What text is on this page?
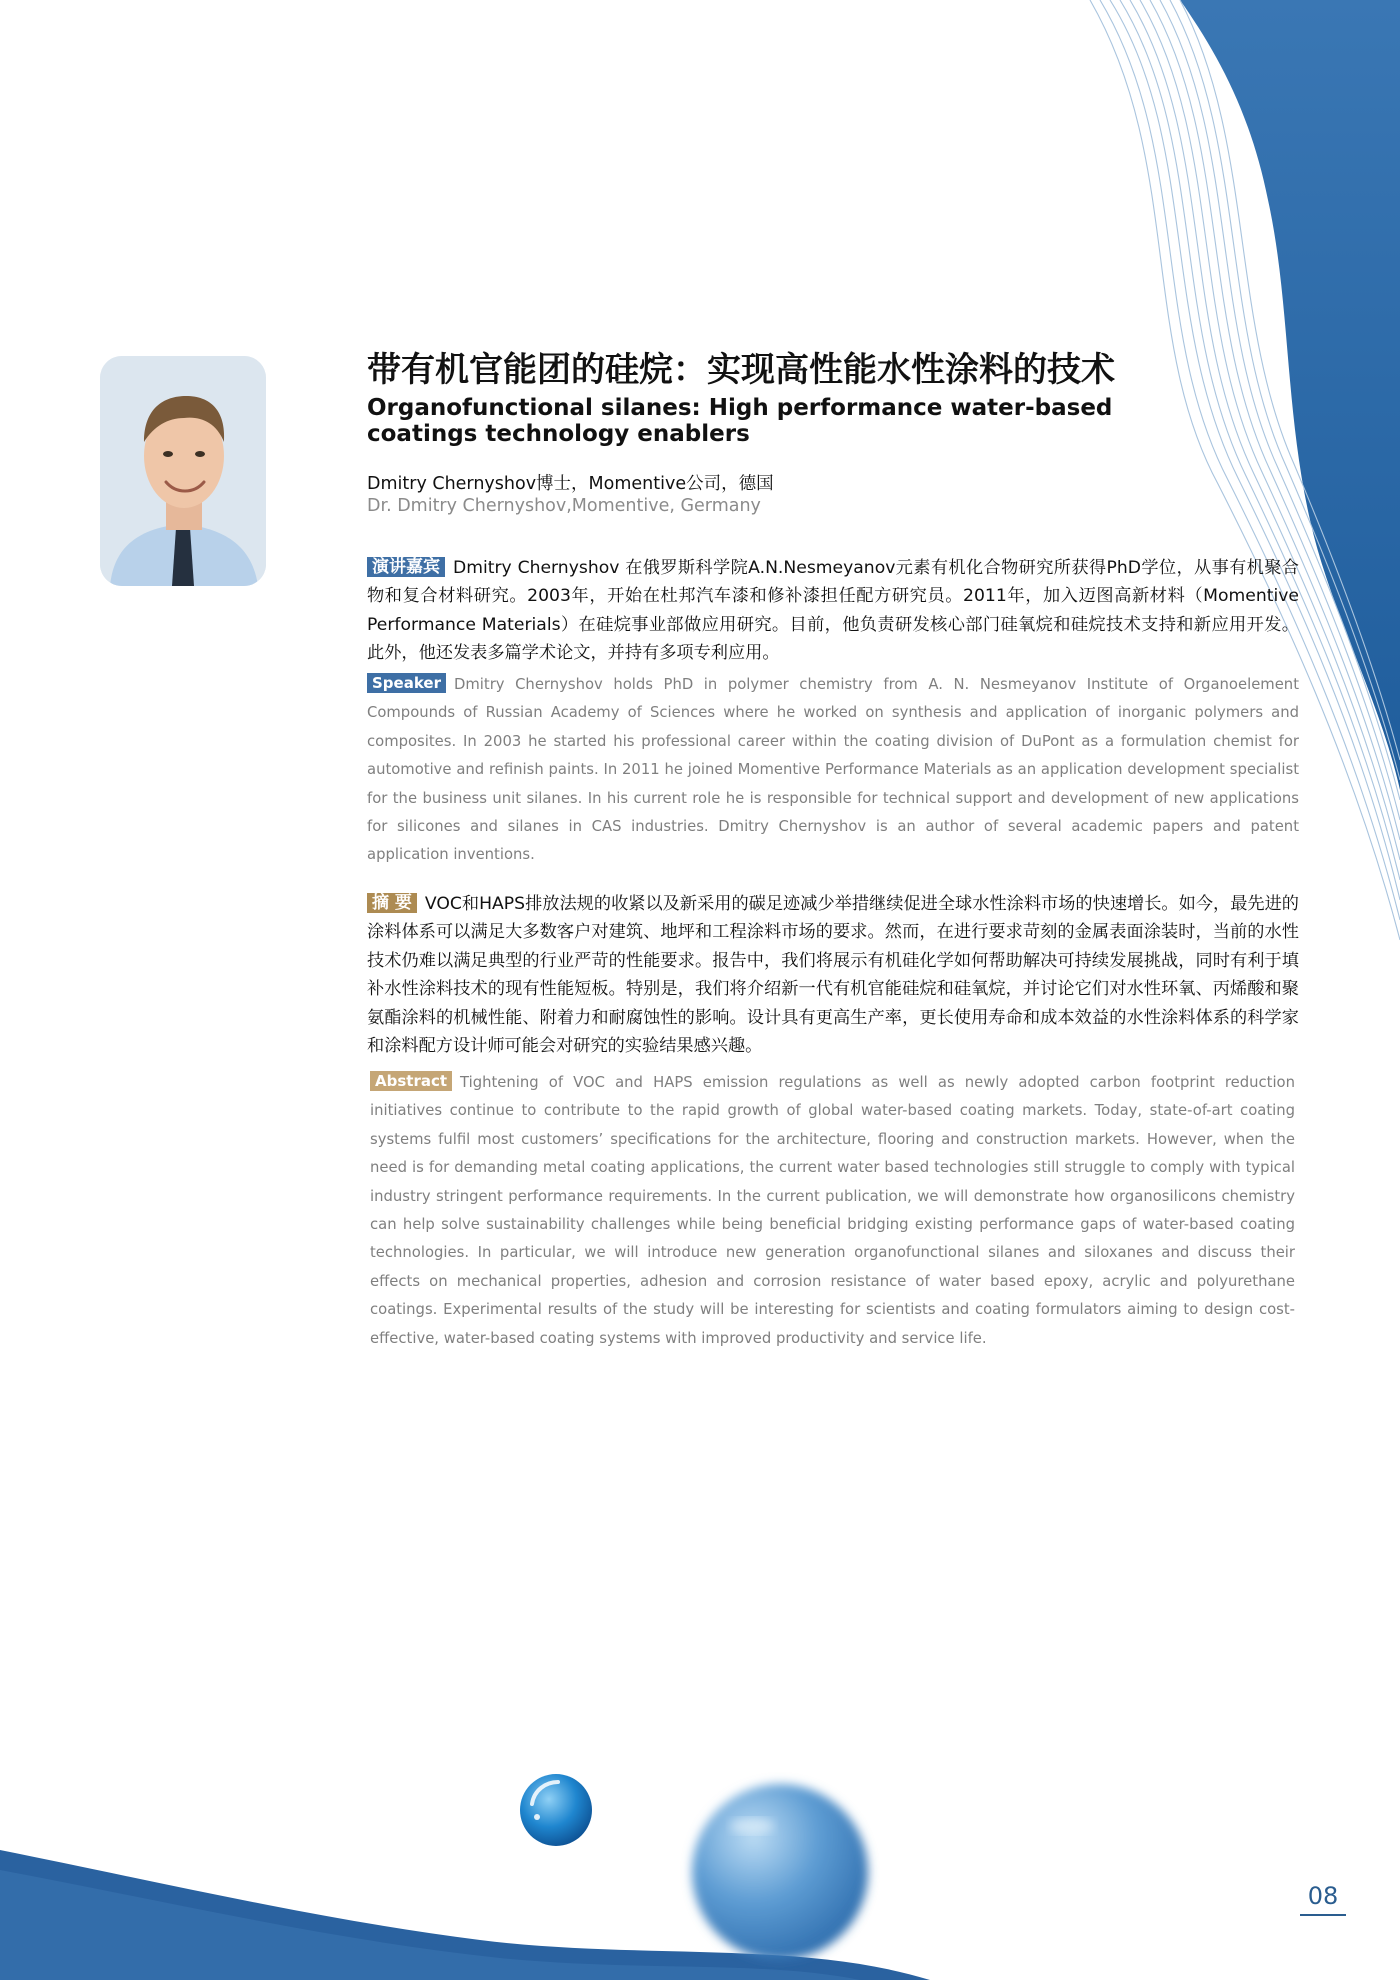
带有机官能团的硅烷：实现高性能水性涂料的技术
Organofunctional silanes: High performance water-based coatings technology enablers
Dmitry Chernyshov博士，Momentive公司，德国
Dr. Dmitry Chernyshov,Momentive, Germany

演讲嘉宾 Dmitry Chernyshov 在俄罗斯科学院A.N.Nesmeyanov元素有机化合物研究所获得PhD学位，从事有机聚合物和复合材料研究。2003年，开始在杜邦汽车漆和修补漆担任配方研究员。2011年，加入迈图高新材料（Momentive Performance Materials）在硅烷事业部做应用研究。目前，他负责研发核心部门硅氧烷和硅烷技术支持和新应用开发。此外，他还发表多篇学术论文，并持有多项专利应用。

Speaker Dmitry Chernyshov holds PhD in polymer chemistry from A. N. Nesmeyanov Institute of Organoelement Compounds of Russian Academy of Sciences where he worked on synthesis and application of inorganic polymers and composites. In 2003 he started his professional career within the coating division of DuPont as a formulation chemist for automotive and refinish paints. In 2011 he joined Momentive Performance Materials as an application development specialist for the business unit silanes. In his current role he is responsible for technical support and development of new applications for silicones and silanes in CAS industries. Dmitry Chernyshov is an author of several academic papers and patent application inventions.

摘 要 VOC和HAPS排放法规的收紧以及新采用的碳足迹减少举措继续促进全球水性涂料市场的快速增长。如今，最先进的涂料体系可以满足大多数客户对建筑、地坪和工程涂料市场的要求。然而，在进行要求苛刻的金属表面涂装时，当前的水性技术仍难以满足典型的行业严苛的性能要求。报告中，我们将展示有机硅化学如何帮助解决可持续发展挑战，同时有利于填补水性涂料技术的现有性能短板。特别是，我们将介绍新一代有机官能硅烷和硅氧烷，并讨论它们对水性环氧、丙烯酸和聚氨酯涂料的机械性能、附着力和耐腐蚀性的影响。设计具有更高生产率，更长使用寿命和成本效益的水性涂料体系的科学家和涂料配方设计师可能会对研究的实验结果感兴趣。

Abstract Tightening of VOC and HAPS emission regulations as well as newly adopted carbon footprint reduction initiatives continue to contribute to the rapid growth of global water-based coating markets. Today, state-of-art coating systems fulfil most customers’ specifications for the architecture, flooring and construction markets. However, when the need is for demanding metal coating applications, the current water based technologies still struggle to comply with typical industry stringent performance requirements. In the current publication, we will demonstrate how organosilicons chemistry can help solve sustainability challenges while being beneficial bridging existing performance gaps of water-based coating technologies. In particular, we will introduce new generation organofunctional silanes and siloxanes and discuss their effects on mechanical properties, adhesion and corrosion resistance of water based epoxy, acrylic and polyurethane coatings. Experimental results of the study will be interesting for scientists and coating formulators aiming to design cost-effective, water-based coating systems with improved productivity and service life.

08
